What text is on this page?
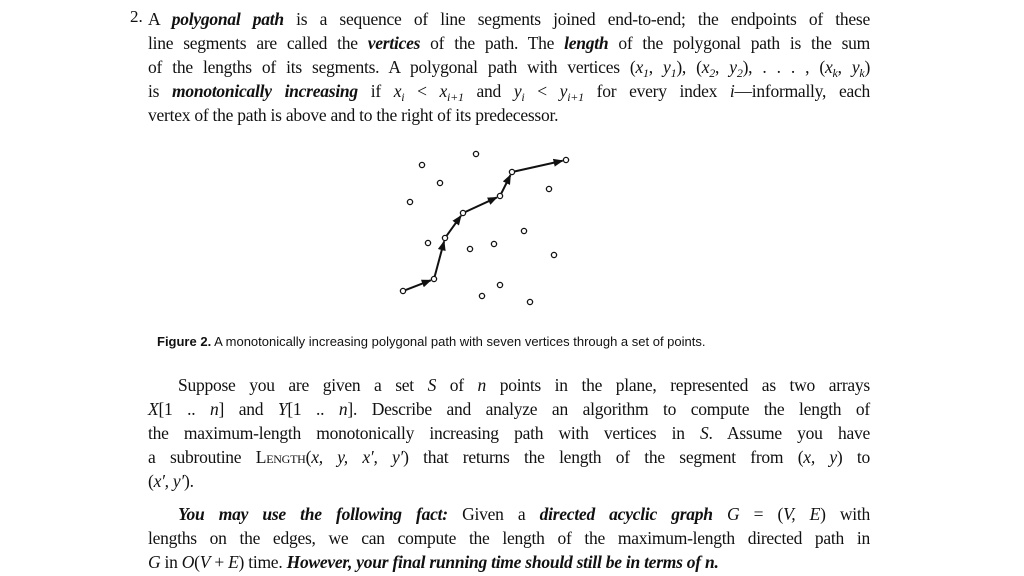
2. A polygonal path is a sequence of line segments joined end-to-end; the endpoints of these
line segments are called the vertices of the path. The length of the polygonal path is the sum
of the lengths of its segments. A polygonal path with vertices ($x_1$, $y_1$), ($x_2$, $y_2$), . . . , ($x_k$, $y_k$)
is monotonically increasing if $x_i < x_{i+1}$ and $y_i < y_{i+1}$ for every index i—informally, each
vertex of the path is above and to the right of its predecessor.
Figure 2. A monotonically increasing polygonal path with seven vertices through a set of points.
Suppose you are given a set S of n points in the plane, represented as two arrays
X[1 .. n] and Y[1 .. n]. Describe and analyze an algorithm to compute the length of
the maximum-length monotonically increasing path with vertices in S. Assume you have
a subroutine Length(x, y, x′, y′) that returns the length of the segment from (x, y) to
(x′, y′).
You may use the following fact: Given a directed acyclic graph G = (V, E) with
lengths on the edges, we can compute the length of the maximum-length directed path in
G in O(V + E) time. However, your final running time should still be in terms of n.
